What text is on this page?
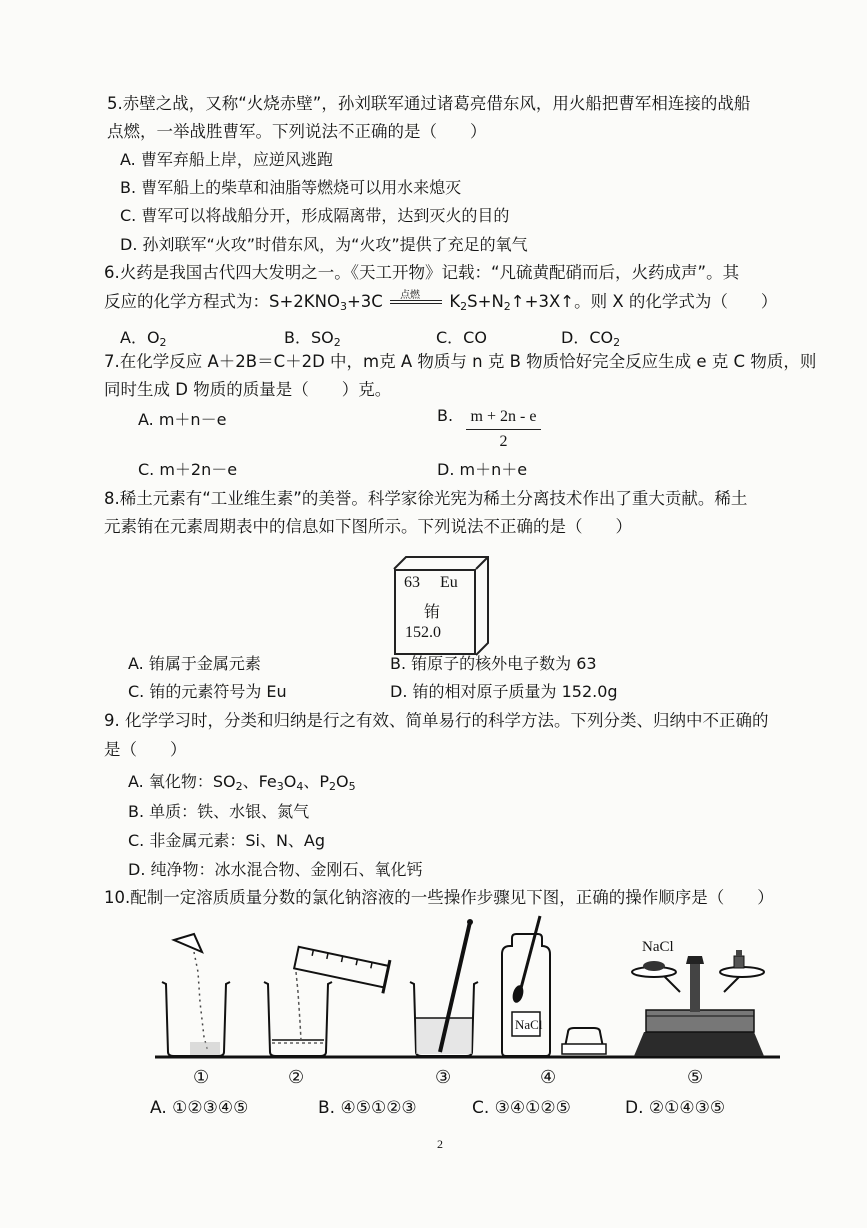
5.赤壁之战，又称“火烧赤壁”，孙刘联军通过诸葛亮借东风，用火船把曹军相连接的战船
点燃，一举战胜曹军。下列说法不正确的是（　　）
A. 曹军弃船上岸，应逆风逃跑
B. 曹军船上的柴草和油脂等燃烧可以用水来熄灭
C. 曹军可以将战船分开，形成隔离带，达到灭火的目的
D. 孙刘联军“火攻”时借东风，为“火攻”提供了充足的氧气
6.火药是我国古代四大发明之一。《天工开物》记载：“凡硫黄配硝而后，火药成声”。其
反应的化学方程式为：$S+2KNO_3+3C$ 点燃 $K_2S+N_2↑+3X↑$。则 X 的化学式为（　　）
A．$O_2$	B．$SO_2$	C．CO	D．$CO_2$
7.在化学反应 A＋2B＝C＋2D 中，m克 A 物质与 n 克 B 物质恰好完全反应生成 e 克 C 物质，则
同时生成 D 物质的质量是（　　）克。
A. m＋n－e	B. m + 2n - e
2
C. m＋2n－e	D. m＋n＋e
8.稀土元素有“工业维生素”的美誉。科学家徐光宪为稀土分离技术作出了重大贡献。稀土
元素铕在元素周期表中的信息如下图所示。下列说法不正确的是（　　）
63 Eu
铕
152.0
A. 铕属于金属元素	B. 铕原子的核外电子数为 63
C. 铕的元素符号为 Eu	D. 铕的相对原子质量为 152.0g
9. 化学学习时，分类和归纳是行之有效、简单易行的科学方法。下列分类、归纳中不正确的
是（　　）
A. 氧化物：$SO_2$、$Fe_3O_4$、$P_2O_5$
B. 单质：铁、水银、氮气
C. 非金属元素：Si、N、Ag
D. 纯净物：冰水混合物、金刚石、氧化钙
10.配制一定溶质质量分数的氯化钠溶液的一些操作步骤见下图，正确的操作顺序是（　　）
NaCl
NaCl
①	②	③	④	⑤
A. ①②③④⑤	B. ④⑤①②③	C. ③④①②⑤	D. ②①④③⑤
2
